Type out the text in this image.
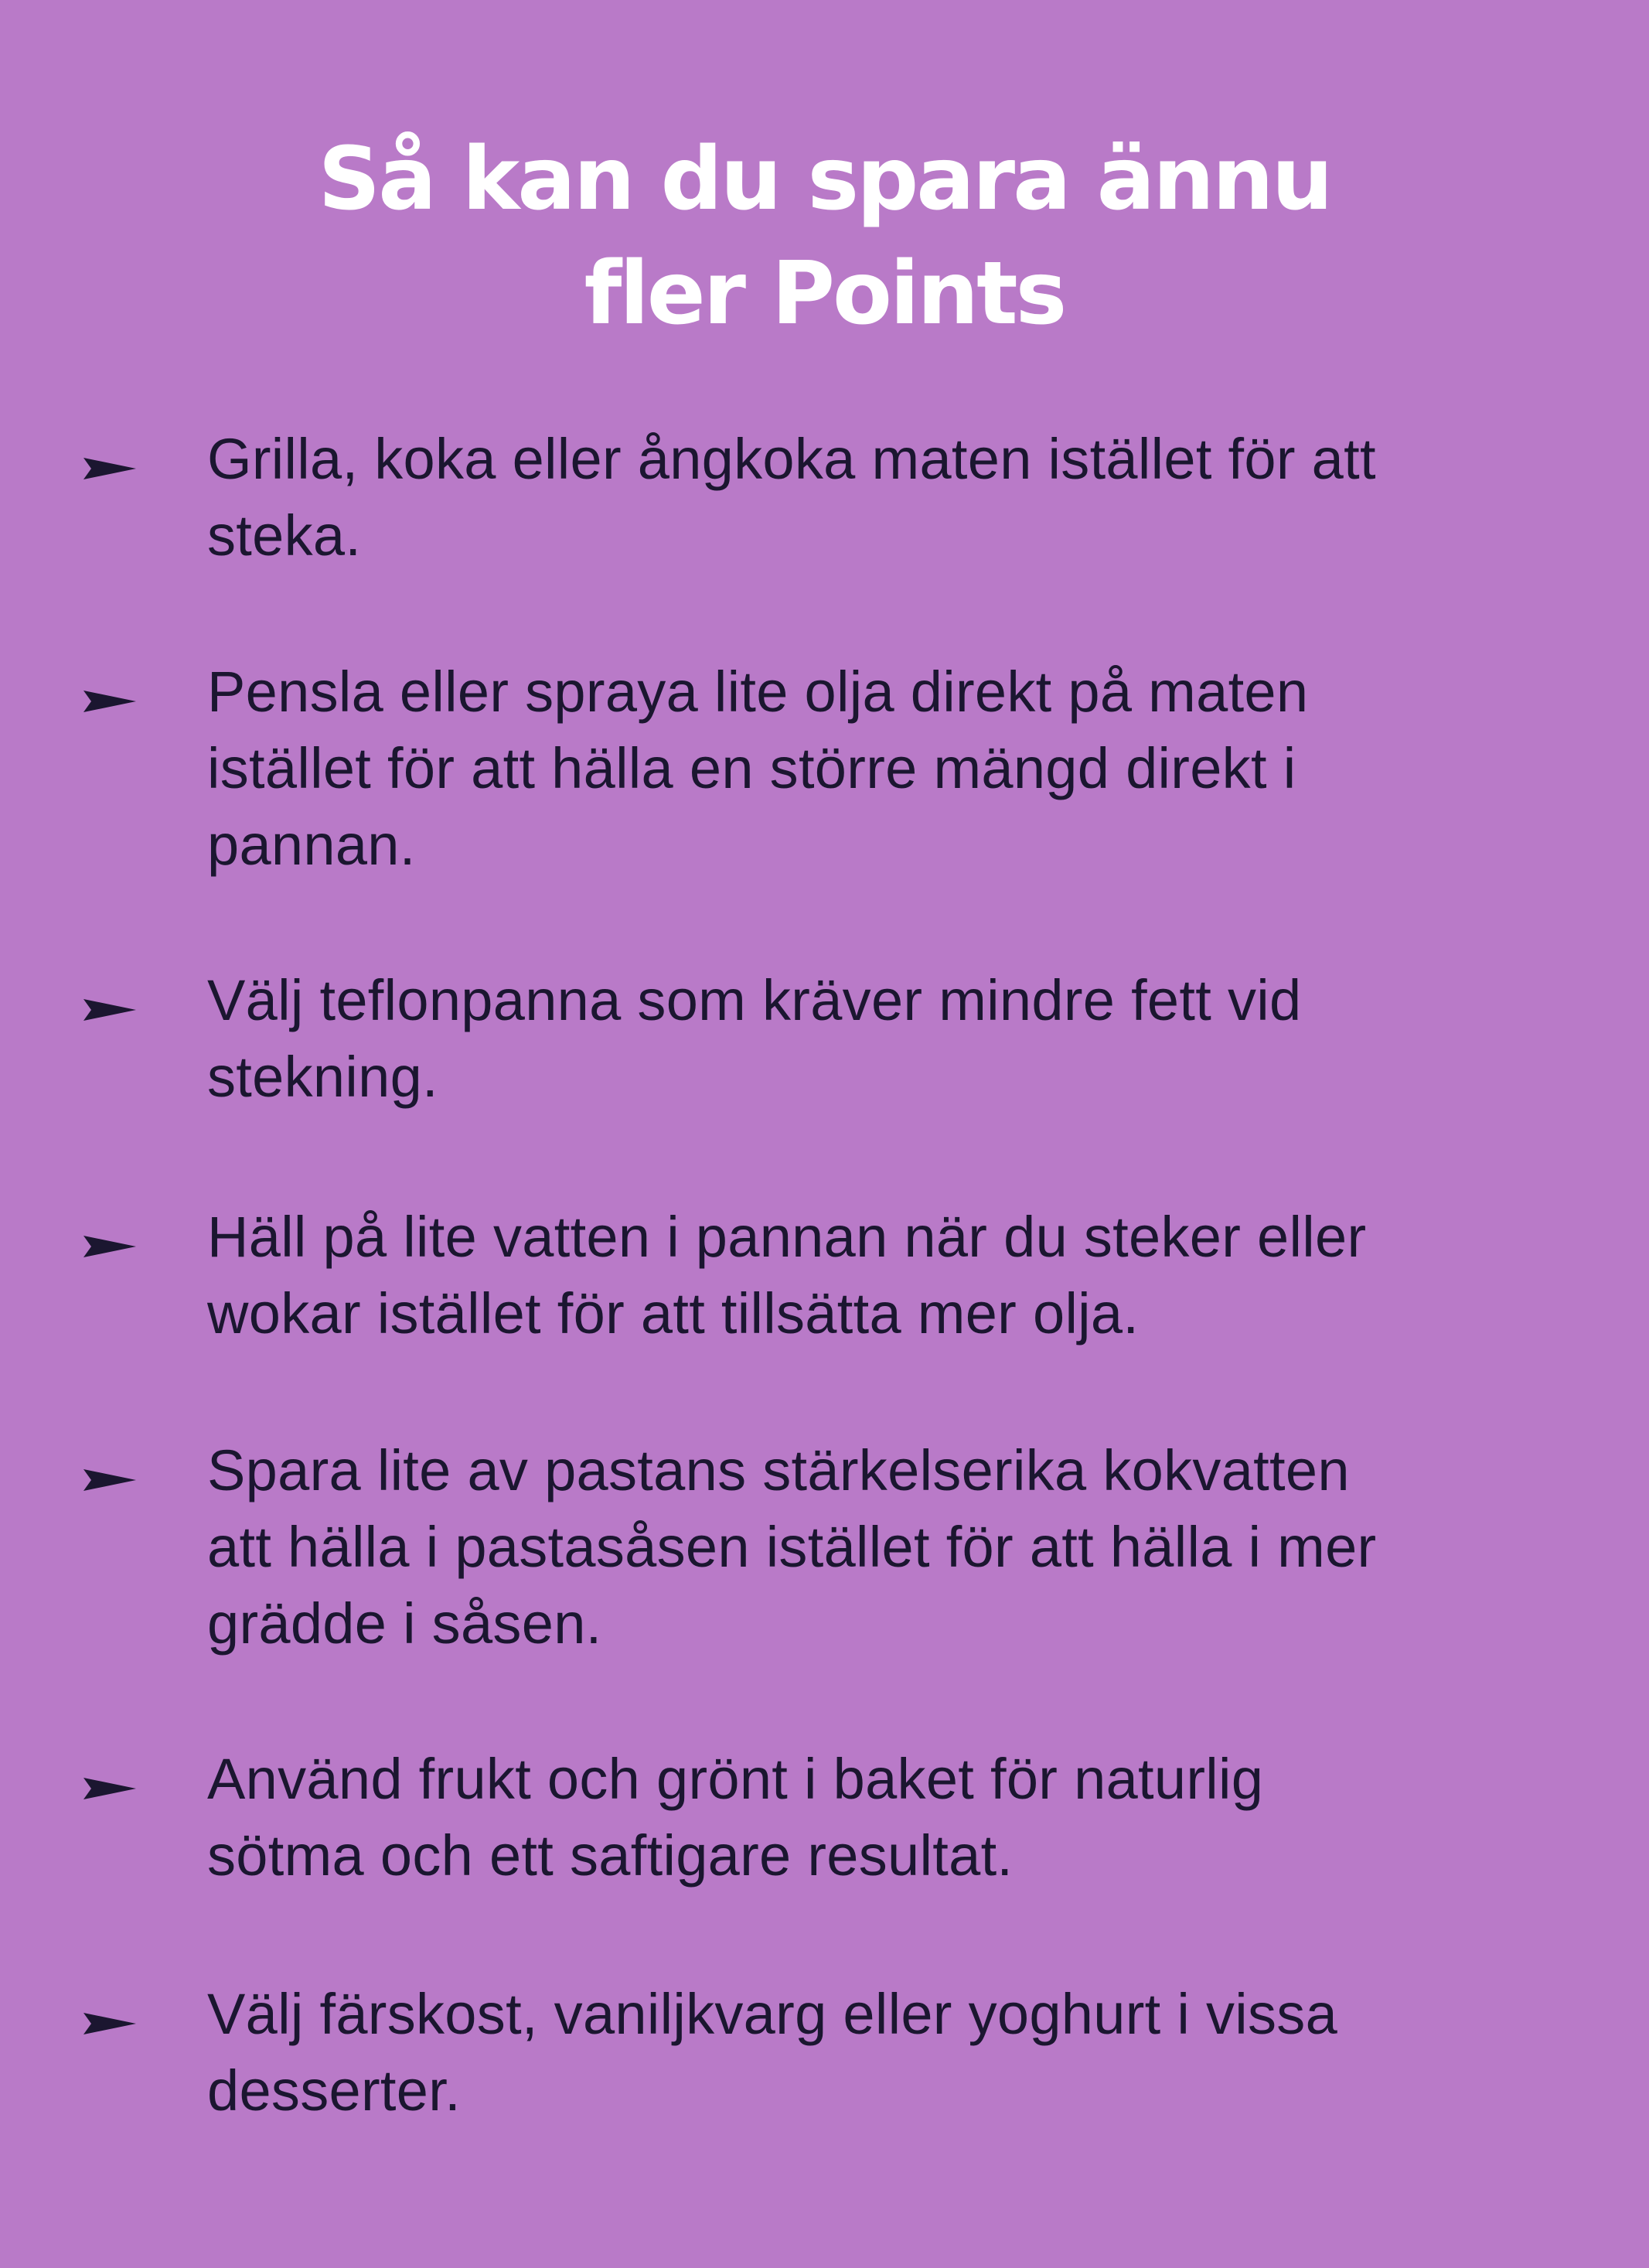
Så kan du spara ännu
fler Points

Grilla, koka eller ångkoka maten istället för att
steka.

Pensla eller spraya lite olja direkt på maten
istället för att hälla en större mängd direkt i
pannan.

Välj teflonpanna som kräver mindre fett vid
stekning.

Häll på lite vatten i pannan när du steker eller
wokar istället för att tillsätta mer olja.

Spara lite av pastans stärkelserika kokvatten
att hälla i pastasåsen istället för att hälla i mer
grädde i såsen.

Använd frukt och grönt i baket för naturlig
sötma och ett saftigare resultat.

Välj färskost, vaniljkvarg eller yoghurt i vissa
desserter.
